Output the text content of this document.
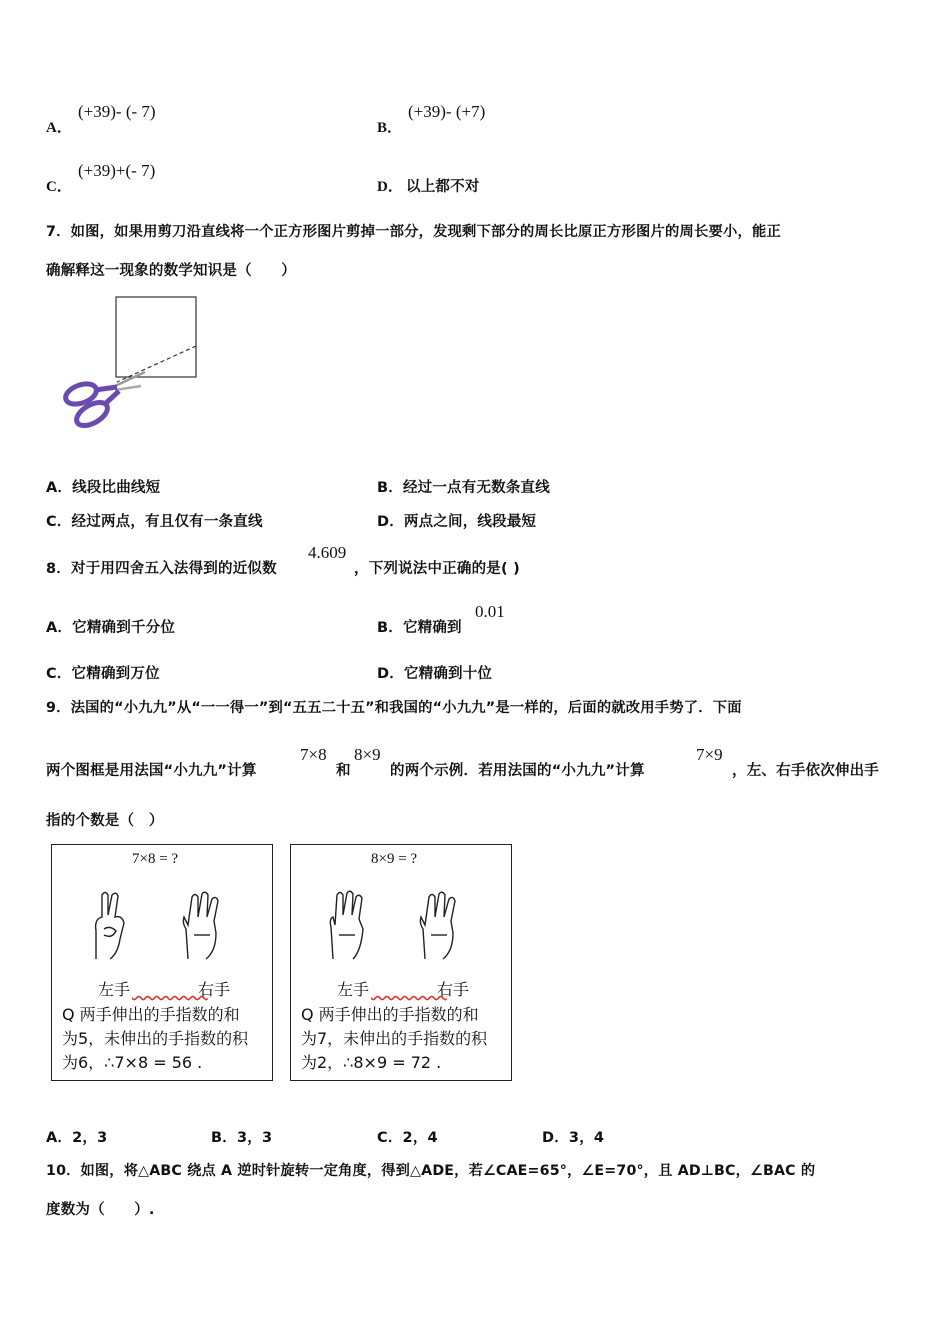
A．
(+39)- (- 7)
B．
(+39)- (+7)
C．
(+39)+(- 7)
D． 以上都不对
7．如图，如果用剪刀沿直线将一个正方形图片剪掉一部分，发现剩下部分的周长比原正方形图片的周长要小，能正
确解释这一现象的数学知识是（　　）
A．线段比曲线短	B．经过一点有无数条直线
C．经过两点，有且仅有一条直线	D．两点之间，线段最短
8．对于用四舍五入法得到的近似数
4.609
，下列说法中正确的是( )
A．它精确到千分位	B．它精确到
0.01
C．它精确到万位	D．它精确到十位
9．法国的“小九九”从“一一得一”到“五五二十五”和我国的“小九九”是一样的，后面的就改用手势了．下面
两个图框是用法国“小九九”计算
7×8
和
8×9
的两个示例．若用法国的“小九九”计算
7×9
，左、右手依次伸出手
指的个数是（　）
7×8 = ?
左手	右手
Q 两手伸出的手指数的和
为5，未伸出的手指数的积
为6，∴7×8 = 56 .
8×9 = ?
左手	右手
Q 两手伸出的手指数的和
为7，未伸出的手指数的积
为2，∴8×9 = 72 .
A．2，3	B．3，3	C．2，4	D．3，4
10．如图，将△ABC 绕点 A 逆时针旋转一定角度，得到△ADE，若∠CAE=65°，∠E=70°，且 AD⊥BC，∠BAC 的
度数为（　　）.
